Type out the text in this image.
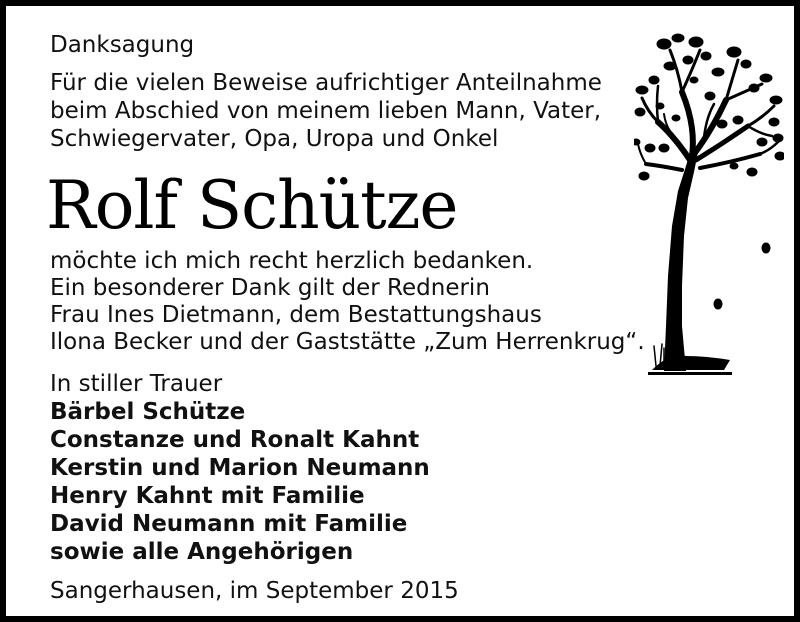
Danksagung
Für die vielen Beweise aufrichtiger Anteilnahme
beim Abschied von meinem lieben Mann, Vater,
Schwiegervater, Opa, Uropa und Onkel
Rolf Schütze
möchte ich mich recht herzlich bedanken.
Ein besonderer Dank gilt der Rednerin
Frau Ines Dietmann, dem Bestattungshaus
Ilona Becker und der Gaststätte „Zum Herrenkrug“.
In stiller Trauer
Bärbel Schütze
Constanze und Ronalt Kahnt
Kerstin und Marion Neumann
Henry Kahnt mit Familie
David Neumann mit Familie
sowie alle Angehörigen
Sangerhausen, im September 2015
